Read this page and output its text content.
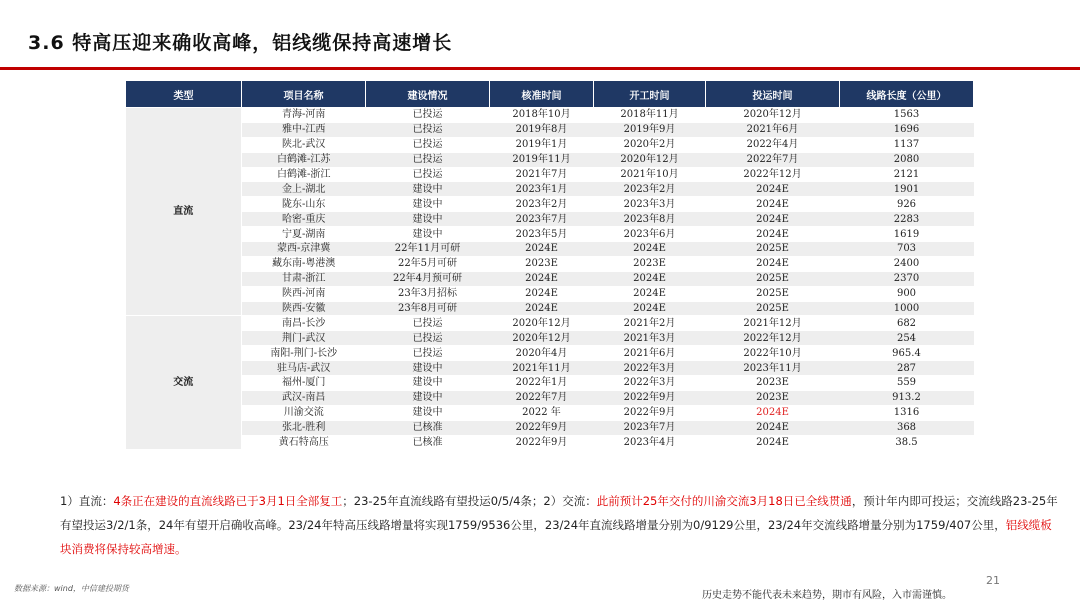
3.6 特高压迎来确收高峰，铝线缆保持高速增长
类型	项目名称	建设情况	核准时间	开工时间	投运时间	线路长度（公里）
直流	青海-河南	已投运	2018年10月	2018年11月	2020年12月	1563
	雅中-江西	已投运	2019年8月	2019年9月	2021年6月	1696
	陕北-武汉	已投运	2019年1月	2020年2月	2022年4月	1137
	白鹤滩-江苏	已投运	2019年11月	2020年12月	2022年7月	2080
	白鹤滩-浙江	已投运	2021年7月	2021年10月	2022年12月	2121
	金上-湖北	建设中	2023年1月	2023年2月	2024E	1901
	陇东-山东	建设中	2023年2月	2023年3月	2024E	926
	哈密-重庆	建设中	2023年7月	2023年8月	2024E	2283
	宁夏-湖南	建设中	2023年5月	2023年6月	2024E	1619
	蒙西-京津冀	22年11月可研	2024E	2024E	2025E	703
	藏东南-粤港澳	22年5月可研	2023E	2023E	2024E	2400
	甘肃-浙江	22年4月预可研	2024E	2024E	2025E	2370
	陕西-河南	23年3月招标	2024E	2024E	2025E	900
	陕西-安徽	23年8月可研	2024E	2024E	2025E	1000
交流	南昌-长沙	已投运	2020年12月	2021年2月	2021年12月	682
	荆门-武汉	已投运	2020年12月	2021年3月	2022年12月	254
	南阳-荆门-长沙	已投运	2020年4月	2021年6月	2022年10月	965.4
	驻马店-武汉	建设中	2021年11月	2022年3月	2023年11月	287
	福州-厦门	建设中	2022年1月	2022年3月	2023E	559
	武汉-南昌	建设中	2022年7月	2022年9月	2023E	913.2
	川渝交流	建设中	2022 年	2022年9月	2024E	1316
	张北-胜利	已核准	2022年9月	2023年7月	2024E	368
	黄石特高压	已核准	2022年9月	2023年4月	2024E	38.5
1）直流：4条正在建设的直流线路已于3月1日全部复工；23-25年直流线路有望投运0/5/4条；2）交流：此前预计25年交付的川渝交流3月18日已全线贯通，预计年内即可投运；交流线路23-25年有望投运3/2/1条，24年有望开启确收高峰。23/24年特高压线路增量将实现1759/9536公里，23/24年直流线路增量分别为0/9129公里，23/24年交流线路增量分别为1759/407公里，铝线缆板块消费将保持较高增速。
数据来源：wind，中信建投期货
21
历史走势不能代表未来趋势，期市有风险，入市需谨慎。
